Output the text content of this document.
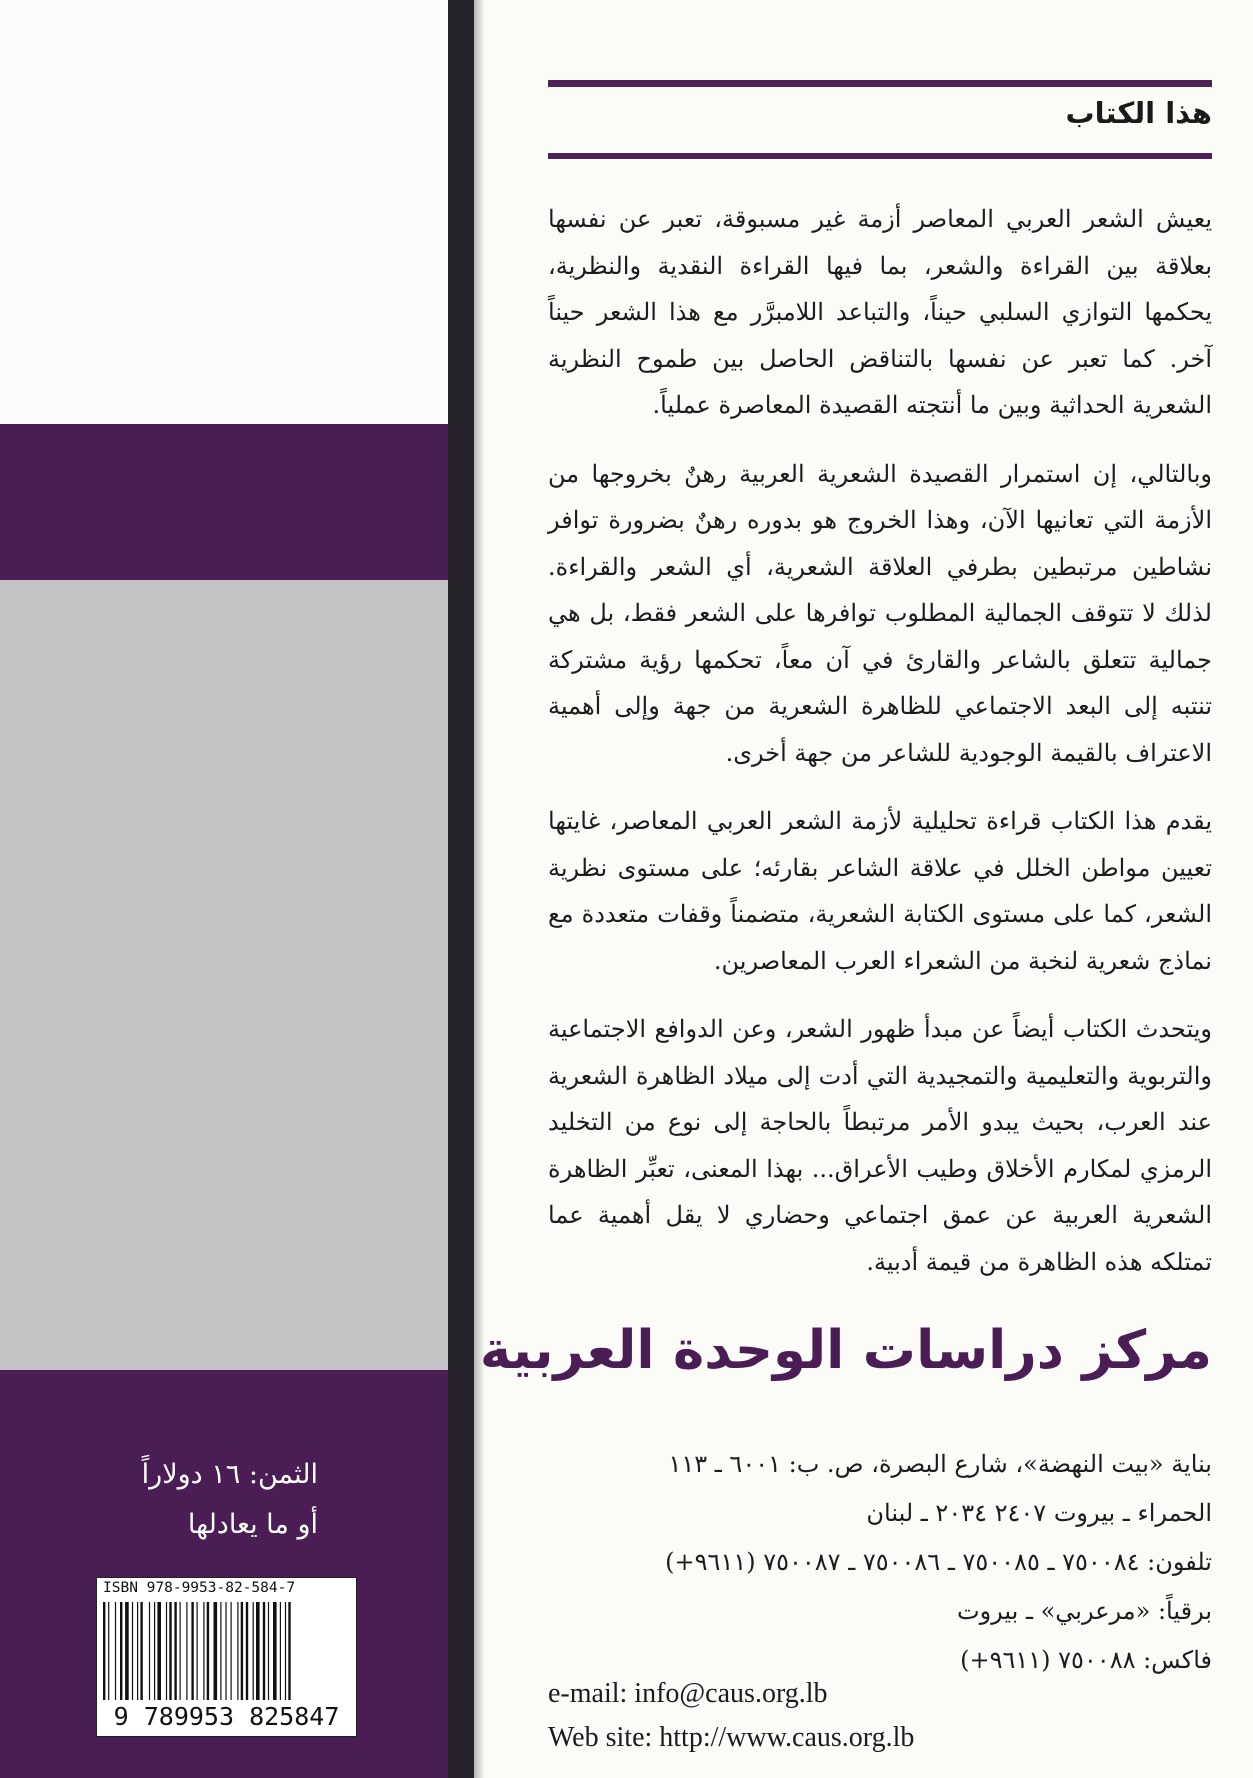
هذا الكتاب

يعيش الشعر العربي المعاصر أزمة غير مسبوقة، تعبر عن نفسها بعلاقة بين القراءة والشعر، بما فيها القراءة النقدية والنظرية، يحكمها التوازي السلبي حيناً، والتباعد اللامبرَّر مع هذا الشعر حيناً آخر. كما تعبر عن نفسها بالتناقض الحاصل بين طموح النظرية الشعرية الحداثية وبين ما أنتجته القصيدة المعاصرة عملياً.

وبالتالي، إن استمرار القصيدة الشعرية العربية رهنٌ بخروجها من الأزمة التي تعانيها الآن، وهذا الخروج هو بدوره رهنٌ بضرورة توافر نشاطين مرتبطين بطرفي العلاقة الشعرية، أي الشعر والقراءة. لذلك لا تتوقف الجمالية المطلوب توافرها على الشعر فقط، بل هي جمالية تتعلق بالشاعر والقارئ في آن معاً، تحكمها رؤية مشتركة تنتبه إلى البعد الاجتماعي للظاهرة الشعرية من جهة وإلى أهمية الاعتراف بالقيمة الوجودية للشاعر من جهة أخرى.

يقدم هذا الكتاب قراءة تحليلية لأزمة الشعر العربي المعاصر، غايتها تعيين مواطن الخلل في علاقة الشاعر بقارئه؛ على مستوى نظرية الشعر، كما على مستوى الكتابة الشعرية، متضمناً وقفات متعددة مع نماذج شعرية لنخبة من الشعراء العرب المعاصرين.

ويتحدث الكتاب أيضاً عن مبدأ ظهور الشعر، وعن الدوافع الاجتماعية والتربوية والتعليمية والتمجيدية التي أدت إلى ميلاد الظاهرة الشعرية عند العرب، بحيث يبدو الأمر مرتبطاً بالحاجة إلى نوع من التخليد الرمزي لمكارم الأخلاق وطيب الأعراق... بهذا المعنى، تعبِّر الظاهرة الشعرية العربية عن عمق اجتماعي وحضاري لا يقل أهمية عما تمتلكه هذه الظاهرة من قيمة أدبية.

مركز دراسات الوحدة العربية
بناية «بيت النهضة»، شارع البصرة، ص. ب: ٦٠٠١ ـ ١١٣
الحمراء ـ بيروت ٢٤٠٧ ٢٠٣٤ ـ لبنان
تلفون: ٧٥٠٠٨٤ ـ ٧٥٠٠٨٥ ـ ٧٥٠٠٨٦ ـ ٧٥٠٠٨٧ (٩٦١١+)
برقياً: «مرعربي» ـ بيروت
فاكس: ٧٥٠٠٨٨ (٩٦١١+)
e-mail: info@caus.org.lb
Web site: http://www.caus.org.lb
الثمن: ١٦ دولاراً
أو ما يعادلها
ISBN 978-9953-82-584-7
9 789953 825847
